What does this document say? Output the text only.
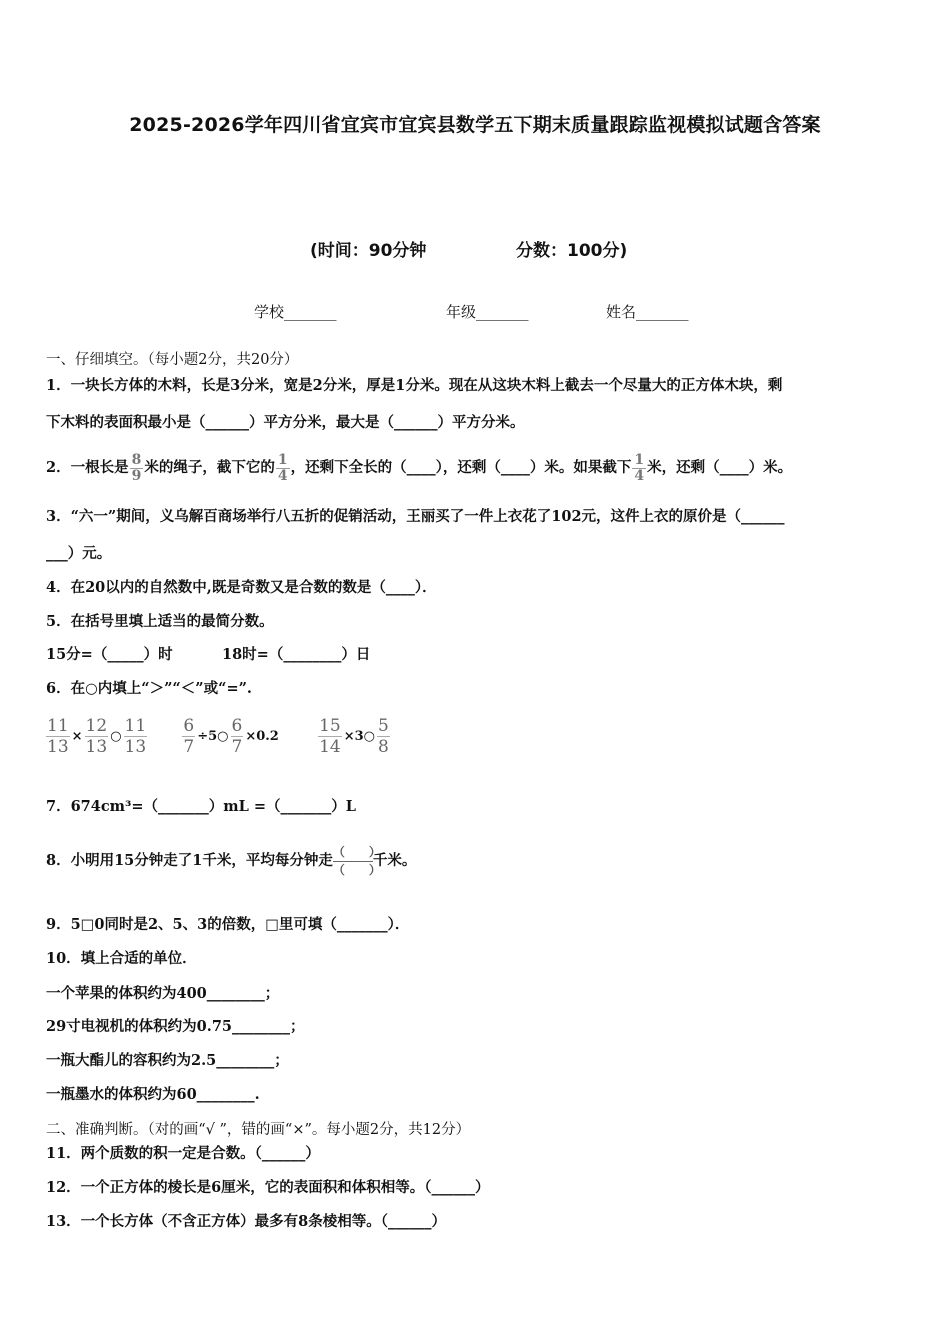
2025-2026学年四川省宜宾市宜宾县数学五下期末质量跟踪监视模拟试题含答案
(时间：90分钟	分数：100分)
学校_______	年级_______	姓名_______
一、仔细填空。（每小题2分，共20分）
1．一块长方体的木料，长是3分米，宽是2分米，厚是1分米。现在从这块木料上截去一个尽量大的正方体木块，剩
下木料的表面积最小是（______）平方分米，最大是（______）平方分米。
2．一根长是 $\frac{8}{9}$ 米的绳子，截下它的 $\frac{1}{4}$ ，还剩下全长的（____），还剩（____）米。如果截下 $\frac{1}{4}$ 米，还剩（____）米。
3．“六一”期间，义乌解百商场举行八五折的促销活动，王丽买了一件上衣花了102元，这件上衣的原价是（______
___）元。
4．在20以内的自然数中,既是奇数又是合数的数是（____）．
5．在括号里填上适当的最简分数。
15分=（_____）时	18时=（________）日
6．在○内填上“＞”“＜”或“=”.
$\frac{11}{13} \times \frac{12}{13}$ ○ $\frac{11}{13}$
$\frac{6}{7}$ ÷5○ $\frac{6}{7} \times 0.2 \frac{15}{14}$ ×3○ $\frac{5}{8}$
7．674cm³=（_______）mL =（_______）L
8．小明用15分钟走了1千米，平均每分钟走
（　　）
（　　）
千米。
9．5□0同时是2、5、3的倍数，□里可填（_______）．
10．填上合适的单位．
一个苹果的体积约为400________；
29寸电视机的体积约为0.75________；
一瓶大酯儿的容积约为2.5________；
一瓶墨水的体积约为60________.
二、准确判断。（对的画“√ ”，错的画“×”。每小题2分，共12分）
11．两个质数的积一定是合数。（______）
12．一个正方体的棱长是6厘米，它的表面积和体积相等。（______）
13．一个长方体（不含正方体）最多有8条棱相等。（______）
